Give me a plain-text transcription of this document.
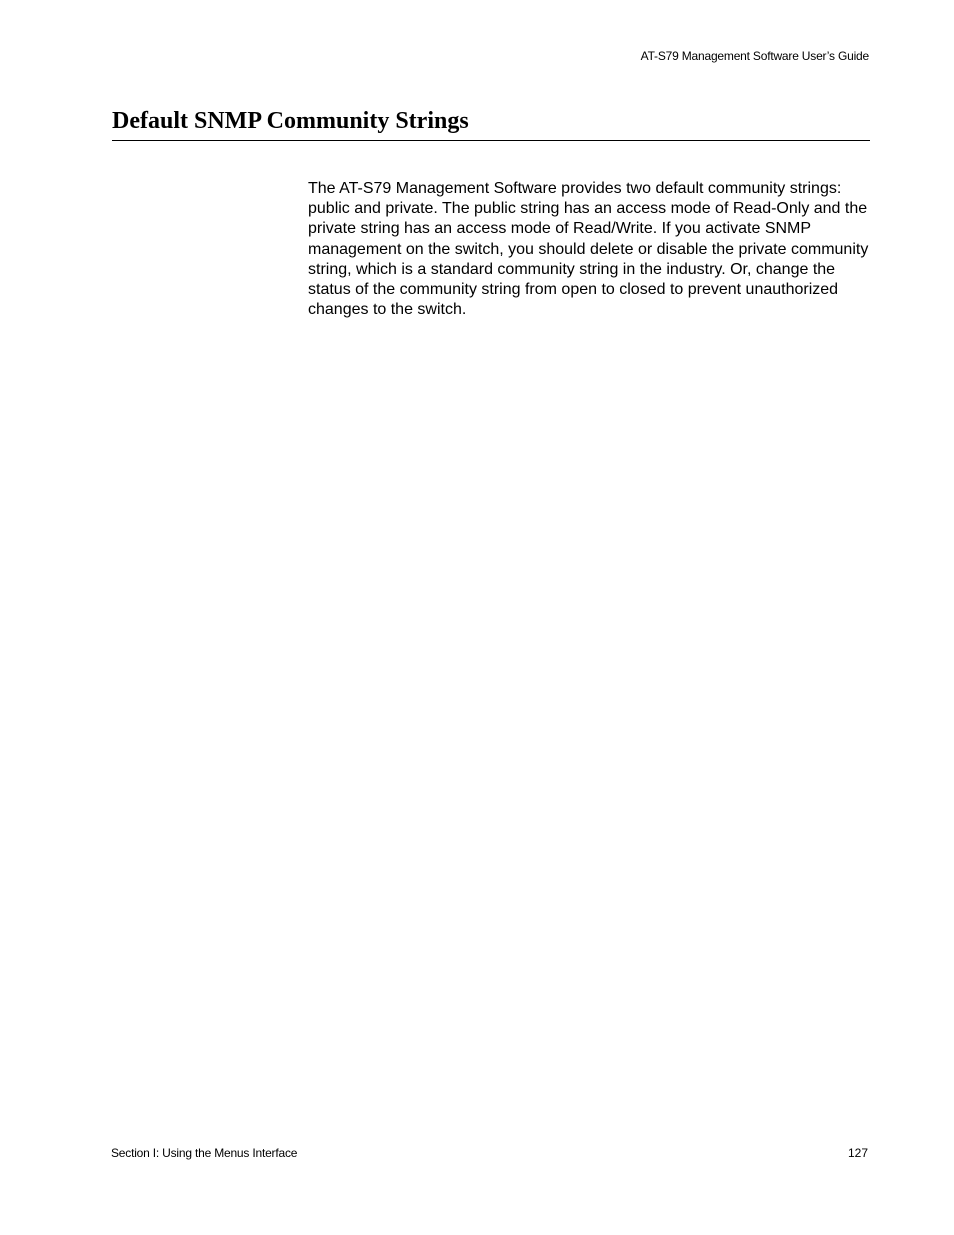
AT-S79 Management Software User’s Guide
Default SNMP Community Strings

The AT-S79 Management Software provides two default community strings: public and private. The public string has an access mode of Read-Only and the private string has an access mode of Read/Write. If you activate SNMP management on the switch, you should delete or disable the private community string, which is a standard community string in the industry. Or, change the status of the community string from open to closed to prevent unauthorized changes to the switch.

Section I: Using the Menus Interface	127
